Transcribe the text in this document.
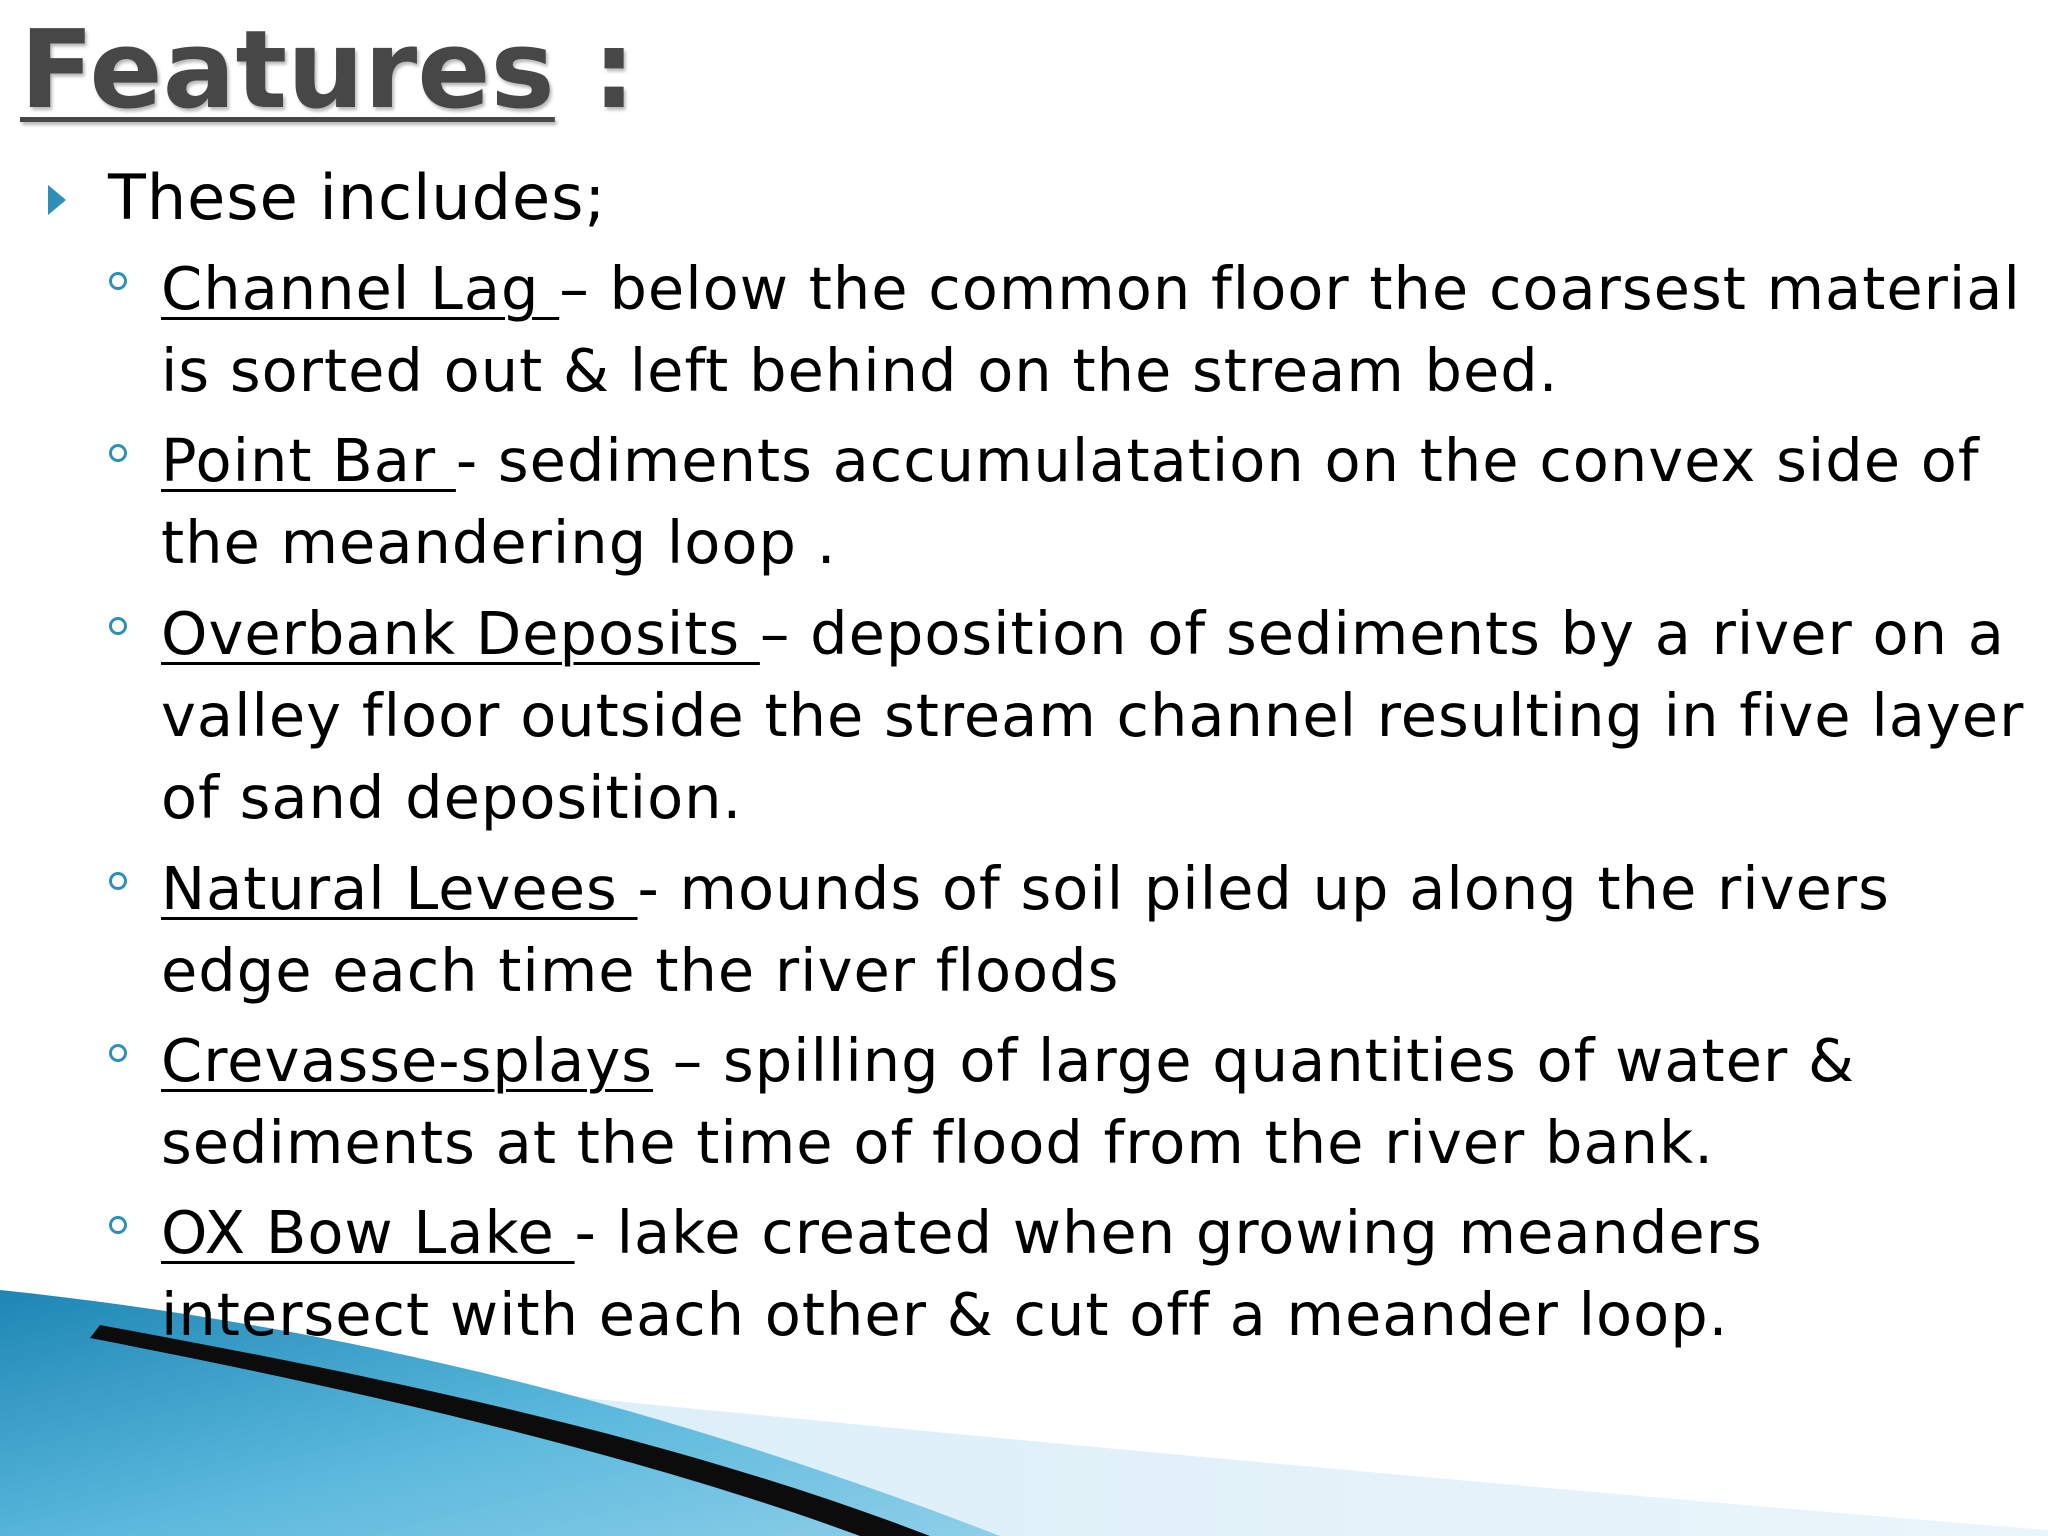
Features :
These includes;
Channel Lag – below the common floor the coarsest material is sorted out & left behind on the stream bed.
Point Bar - sediments accumulatation on the convex side of the meandering loop .
Overbank Deposits – deposition of sediments by a river on a valley floor outside the stream channel resulting in five layer of sand deposition.
Natural Levees - mounds of soil piled up along the rivers edge each time the river floods
Crevasse-splays – spilling of large quantities of water & sediments at the time of flood from the river bank.
OX Bow Lake - lake created when growing meanders intersect with each other & cut off a meander loop.
